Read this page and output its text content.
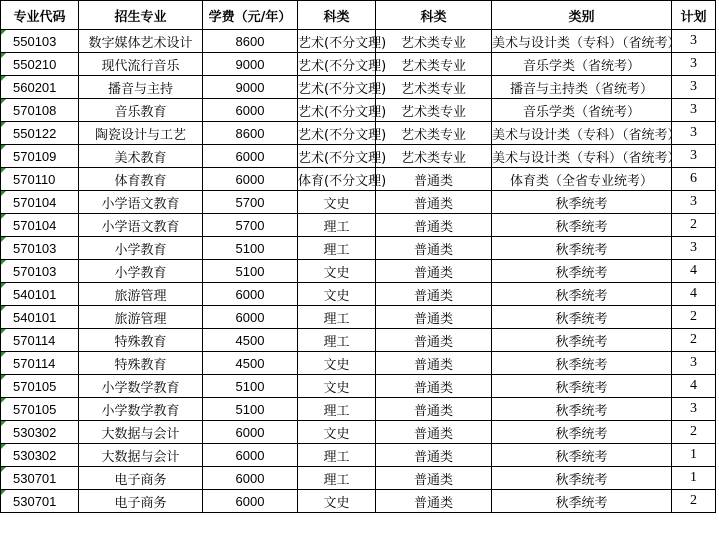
专业代码	招生专业	学费（元/年）	科类	科类	类别	计划
550103	数字媒体艺术设计	8600	艺术(不分文理)	艺术类专业	美术与设计类（专科）（省统考）	3
550210	现代流行音乐	9000	艺术(不分文理)	艺术类专业	音乐学类（省统考）	3
560201	播音与主持	9000	艺术(不分文理)	艺术类专业	播音与主持类（省统考）	3
570108	音乐教育	6000	艺术(不分文理)	艺术类专业	音乐学类（省统考）	3
550122	陶瓷设计与工艺	8600	艺术(不分文理)	艺术类专业	美术与设计类（专科）（省统考）	3
570109	美术教育	6000	艺术(不分文理)	艺术类专业	美术与设计类（专科）（省统考）	3
570110	体育教育	6000	体育(不分文理)	普通类	体育类（全省专业统考）	6
570104	小学语文教育	5700	文史	普通类	秋季统考	3
570104	小学语文教育	5700	理工	普通类	秋季统考	2
570103	小学教育	5100	理工	普通类	秋季统考	3
570103	小学教育	5100	文史	普通类	秋季统考	4
540101	旅游管理	6000	文史	普通类	秋季统考	4
540101	旅游管理	6000	理工	普通类	秋季统考	2
570114	特殊教育	4500	理工	普通类	秋季统考	2
570114	特殊教育	4500	文史	普通类	秋季统考	3
570105	小学数学教育	5100	文史	普通类	秋季统考	4
570105	小学数学教育	5100	理工	普通类	秋季统考	3
530302	大数据与会计	6000	文史	普通类	秋季统考	2
530302	大数据与会计	6000	理工	普通类	秋季统考	1
530701	电子商务	6000	理工	普通类	秋季统考	1
530701	电子商务	6000	文史	普通类	秋季统考	2
